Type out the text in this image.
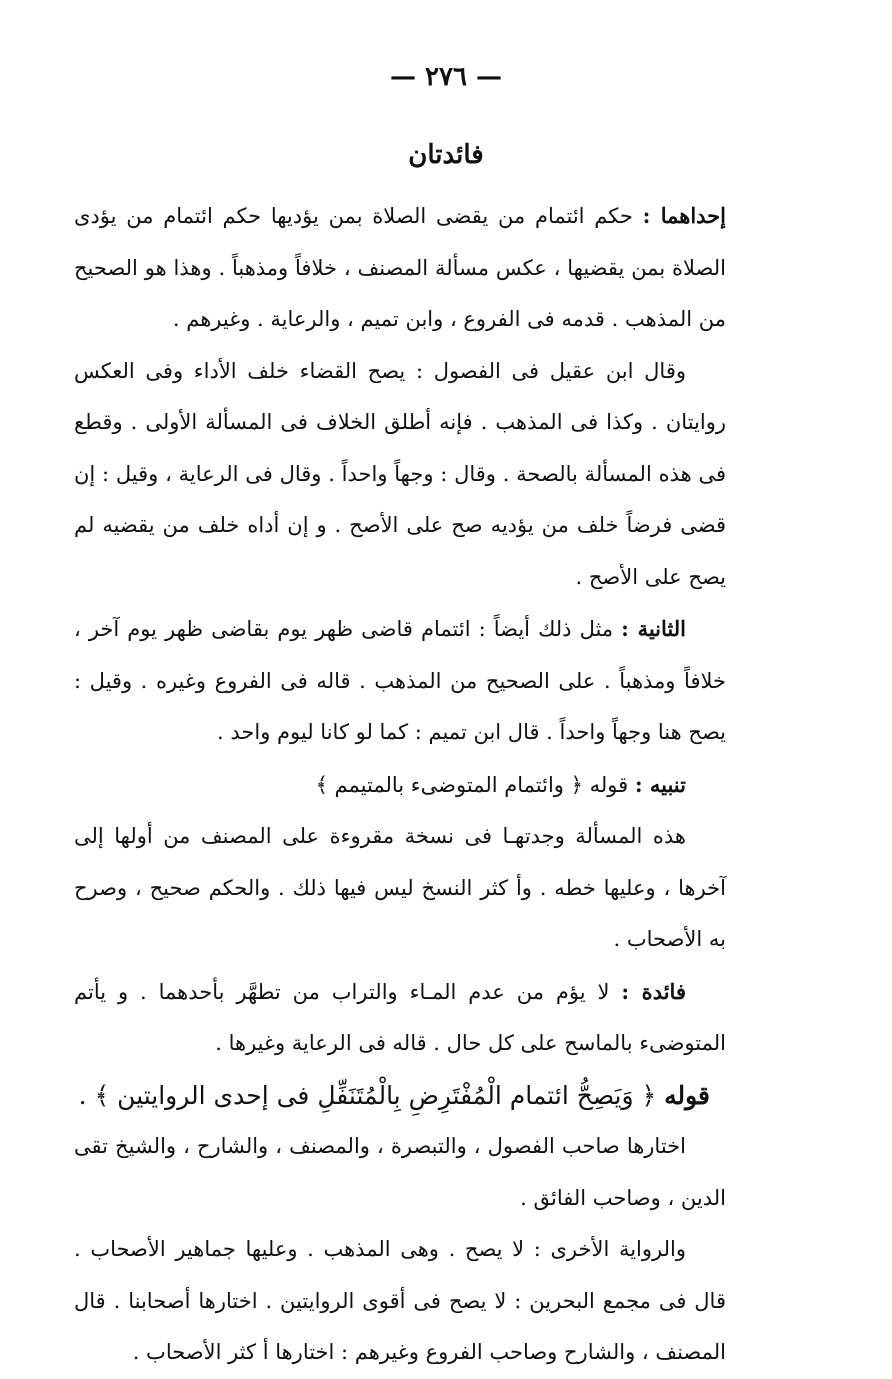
— ٢٧٦ —
فائدتان

إحداهما : حكم ائتمام من يقضى الصلاة بمن يؤديها حكم ائتمام من يؤدى الصلاة بمن يقضيها ، عكس مسألة المصنف ، خلافاً ومذهباً . وهذا هو الصحيح من المذهب . قدمه فى الفروع ، وابن تميم ، والرعاية . وغيرهم .

وقال ابن عقيل فى الفصول : يصح القضاء خلف الأداء وفى العكس روايتان . وكذا فى المذهب . فإنه أطلق الخلاف فى المسألة الأولى . وقطع فى هذه المسألة بالصحة . وقال : وجهاً واحداً . وقال فى الرعاية ، وقيل : إن قضى فرضاً خلف من يؤديه صح على الأصح . و إن أداه خلف من يقضيه لم يصح على الأصح .

الثانية : مثل ذلك أيضاً : ائتمام قاضى ظهر يوم بقاضى ظهر يوم آخر ، خلافاً ومذهباً . على الصحيح من المذهب . قاله فى الفروع وغيره . وقيل : يصح هنا وجهاً واحداً . قال ابن تميم : كما لو كانا ليوم واحد .

تنبيه : قوله ﴿ وائتمام المتوضىء بالمتيمم ﴾

هذه المسألة وجدتهـا فى نسخة مقروءة على المصنف من أولها إلى آخرها ، وعليها خطه . وأ كثر النسخ ليس فيها ذلك . والحكم صحيح ، وصرح به الأصحاب .

فائدة : لا يؤم من عدم المـاء والتراب من تطهَّر بأحدهما . و يأتم المتوضىء بالماسح على كل حال . قاله فى الرعاية وغيرها .

قوله ﴿ وَيَصِحُّ ائتمام الْمُفْتَرِضِ بِالْمُتَنَفِّلِ فى إحدى الروايتين ﴾ .

اختارها صاحب الفصول ، والتبصرة ، والمصنف ، والشارح ، والشيخ تقى الدين ، وصاحب الفائق .

والرواية الأخرى : لا يصح . وهى المذهب . وعليها جماهير الأصحاب . قال فى مجمع البحرين : لا يصح فى أقوى الروايتين . اختارها أصحابنا . قال المصنف ، والشارح وصاحب الفروع وغيرهم : اختارها أ كثر الأصحاب .
